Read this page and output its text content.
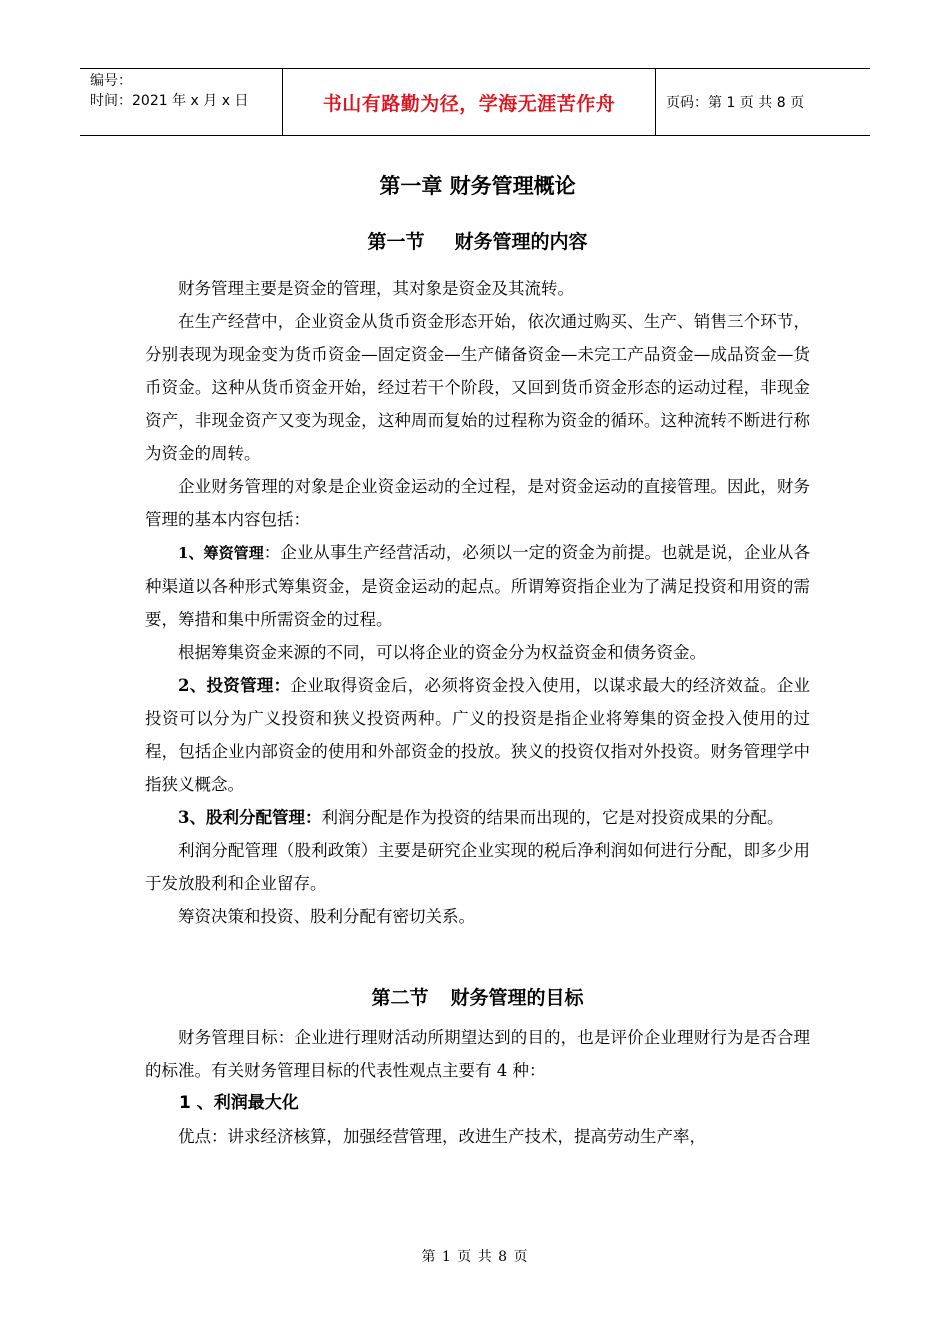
编号：
时间：2021 年 x 月 x 日	书山有路勤为径，学海无涯苦作舟	页码：第 1 页 共 8 页
第一章 财务管理概论
第一节 财务管理的内容

财务管理主要是资金的管理，其对象是资金及其流转。

在生产经营中，企业资金从货币资金形态开始，依次通过购买、生产、销售三个环节，分别表现为现金变为货币资金—固定资金—生产储备资金—未完工产品资金—成品资金—货币资金。这种从货币资金开始，经过若干个阶段，又回到货币资金形态的运动过程，非现金资产，非现金资产又变为现金，这种周而复始的过程称为资金的循环。这种流转不断进行称为资金的周转。

企业财务管理的对象是企业资金运动的全过程，是对资金运动的直接管理。因此，财务管理的基本内容包括：

1、筹资管理：企业从事生产经营活动，必须以一定的资金为前提。也就是说，企业从各种渠道以各种形式筹集资金，是资金运动的起点。所谓筹资指企业为了满足投资和用资的需要，筹措和集中所需资金的过程。

根据筹集资金来源的不同，可以将企业的资金分为权益资金和债务资金。

2、投资管理：企业取得资金后，必须将资金投入使用，以谋求最大的经济效益。企业投资可以分为广义投资和狭义投资两种。广义的投资是指企业将筹集的资金投入使用的过程，包括企业内部资金的使用和外部资金的投放。狭义的投资仅指对外投资。财务管理学中指狭义概念。

3、股利分配管理：利润分配是作为投资的结果而出现的，它是对投资成果的分配。

利润分配管理（股利政策）主要是研究企业实现的税后净利润如何进行分配，即多少用于发放股利和企业留存。

筹资决策和投资、股利分配有密切关系。

第二节 财务管理的目标

财务管理目标：企业进行理财活动所期望达到的目的，也是评价企业理财行为是否合理的标准。有关财务管理目标的代表性观点主要有 4 种：

1 、利润最大化

优点：讲求经济核算，加强经营管理，改进生产技术，提高劳动生产率，

第 1 页 共 8 页
